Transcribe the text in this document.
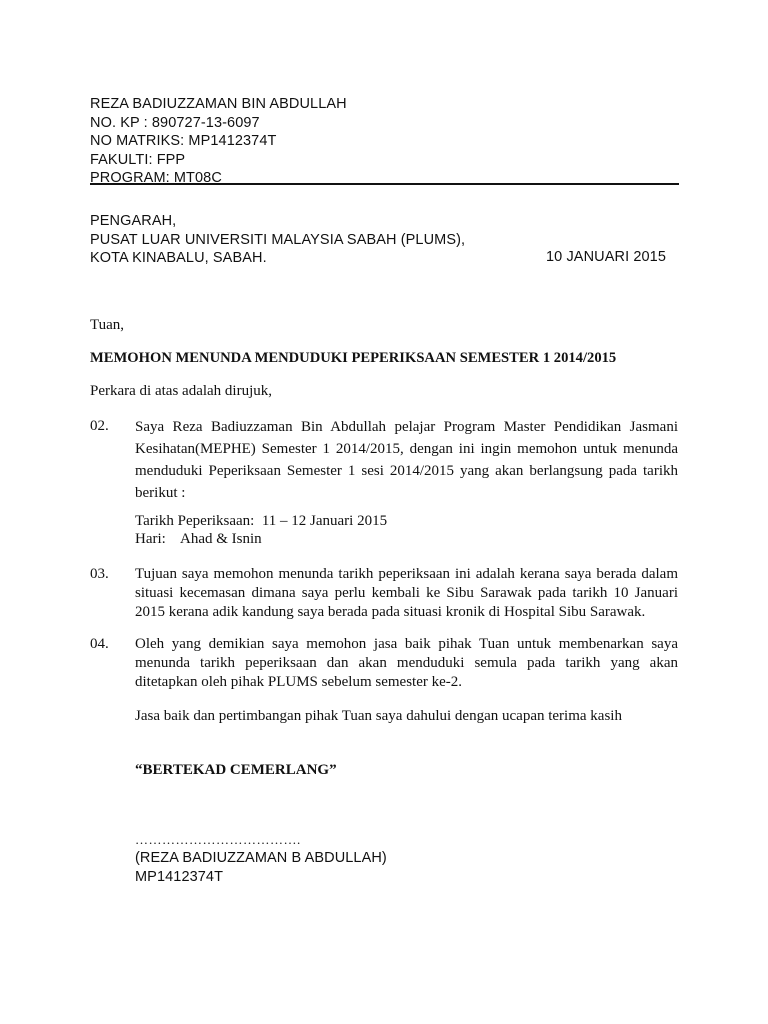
REZA BADIUZZAMAN BIN ABDULLAH
NO. KP : 890727-13-6097
NO MATRIKS: MP1412374T
FAKULTI: FPP
PROGRAM: MT08C
PENGARAH,
PUSAT LUAR UNIVERSITI MALAYSIA SABAH (PLUMS),
KOTA KINABALU, SABAH.	10 JANUARI 2015
Tuan,
MEMOHON MENUNDA MENDUDUKI PEPERIKSAAN SEMESTER 1 2014/2015
Perkara di atas adalah dirujuk,
02. Saya Reza Badiuzzaman Bin Abdullah pelajar Program Master Pendidikan Jasmani Kesihatan(MEPHE) Semester 1 2014/2015, dengan ini ingin memohon untuk menunda menduduki Peperiksaan Semester 1 sesi 2014/2015 yang akan berlangsung pada tarikh berikut :
Tarikh Peperiksaan:  11 – 12 Januari 2015
Hari:    Ahad & Isnin
03. Tujuan saya memohon menunda tarikh peperiksaan ini adalah kerana saya berada dalam situasi kecemasan dimana saya perlu kembali ke Sibu Sarawak pada tarikh 10 Januari 2015 kerana adik kandung saya berada pada situasi kronik di Hospital Sibu Sarawak.
04. Oleh yang demikian saya memohon jasa baik pihak Tuan untuk membenarkan saya menunda tarikh peperiksaan dan akan menduduki semula pada tarikh yang akan ditetapkan oleh pihak PLUMS sebelum semester ke-2.
Jasa baik dan pertimbangan pihak Tuan saya dahului dengan ucapan terima kasih
“BERTEKAD CEMERLANG”
……………………………….
(REZA BADIUZZAMAN B ABDULLAH)
MP1412374T
